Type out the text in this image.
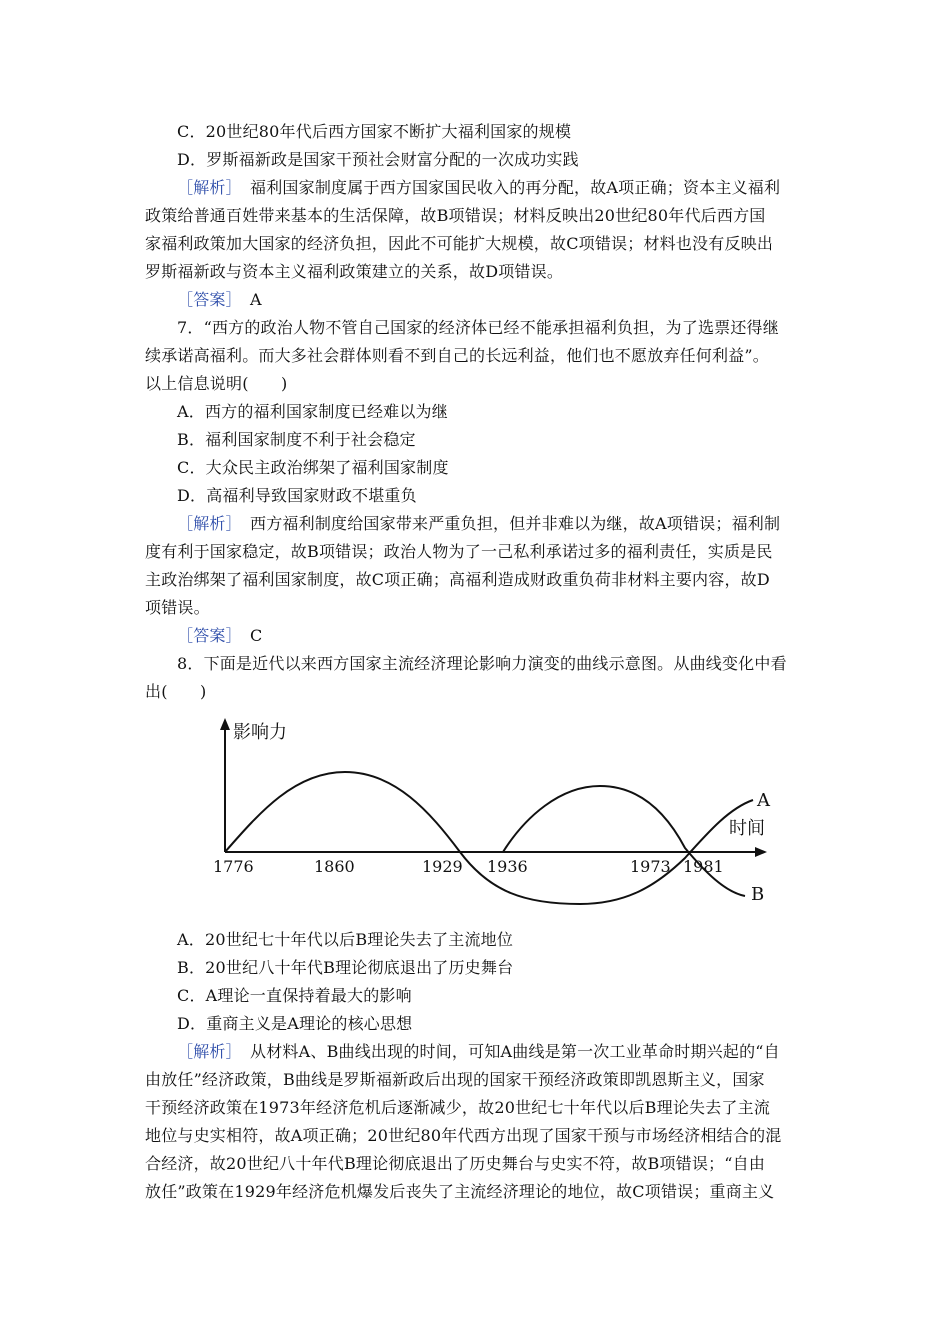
C．20世纪80年代后西方国家不断扩大福利国家的规模
D．罗斯福新政是国家干预社会财富分配的一次成功实践
［解析］　福利国家制度属于西方国家国民收入的再分配，故A项正确；资本主义福利
政策给普通百姓带来基本的生活保障，故B项错误；材料反映出20世纪80年代后西方国
家福利政策加大国家的经济负担，因此不可能扩大规模，故C项错误；材料也没有反映出
罗斯福新政与资本主义福利政策建立的关系，故D项错误。
［答案］　A
7．“西方的政治人物不管自己国家的经济体已经不能承担福利负担，为了选票还得继
续承诺高福利。而大多社会群体则看不到自己的长远利益，他们也不愿放弃任何利益”。
以上信息说明(　　)
A．西方的福利国家制度已经难以为继
B．福利国家制度不利于社会稳定
C．大众民主政治绑架了福利国家制度
D．高福利导致国家财政不堪重负
［解析］　西方福利制度给国家带来严重负担，但并非难以为继，故A项错误；福利制
度有利于国家稳定，故B项错误；政治人物为了一己私利承诺过多的福利责任，实质是民
主政治绑架了福利国家制度，故C项正确；高福利造成财政重负荷非材料主要内容，故D
项错误。
［答案］　C
8．下面是近代以来西方国家主流经济理论影响力演变的曲线示意图。从曲线变化中看
出(　　)
影响力
时间
A
B
1776	1860	1929 1936	1973 1981
A．20世纪七十年代以后B理论失去了主流地位
B．20世纪八十年代B理论彻底退出了历史舞台
C．A理论一直保持着最大的影响
D．重商主义是A理论的核心思想
［解析］　从材料A、B曲线出现的时间，可知A曲线是第一次工业革命时期兴起的“自
由放任”经济政策，B曲线是罗斯福新政后出现的国家干预经济政策即凯恩斯主义，国家
干预经济政策在1973年经济危机后逐渐减少，故20世纪七十年代以后B理论失去了主流
地位与史实相符，故A项正确；20世纪80年代西方出现了国家干预与市场经济相结合的混
合经济，故20世纪八十年代B理论彻底退出了历史舞台与史实不符，故B项错误；“自由
放任”政策在1929年经济危机爆发后丧失了主流经济理论的地位，故C项错误；重商主义
